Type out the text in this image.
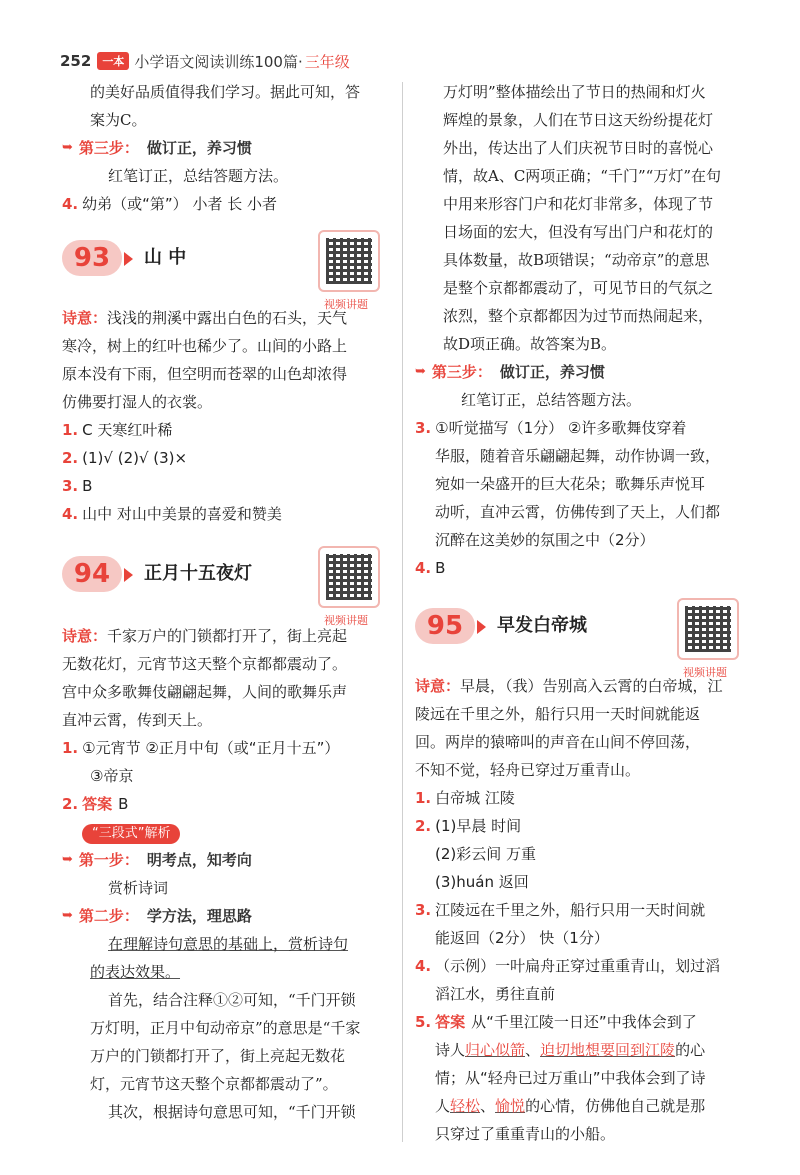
252	一本 小学语文阅读训练100篇· 三年级
的美好品质值得我们学习。据此可知，答
案为C。
➥ 第三步： 做订正，养习惯
红笔订正，总结答题方法。
4. 幼弟（或“第”） 小者 长 小者
93	山 中
视频讲题
诗意：浅浅的荆溪中露出白色的石头，天气
寒冷，树上的红叶也稀少了。山间的小路上
原本没有下雨，但空明而苍翠的山色却浓得
仿佛要打湿人的衣裳。
1. C 天寒红叶稀
2. (1)√ (2)√ (3)×
3. B
4. 山中 对山中美景的喜爱和赞美
94	正月十五夜灯
视频讲题
诗意：千家万户的门锁都打开了，街上亮起
无数花灯，元宵节这天整个京都都震动了。
宫中众多歌舞伎翩翩起舞，人间的歌舞乐声
直冲云霄，传到天上。
1. ①元宵节 ②正月中旬（或“正月十五”）
③帝京
2. 答案 B
“三段式”解析
➥ 第一步： 明考点，知考向
赏析诗词
➥ 第二步： 学方法，理思路
在理解诗句意思的基础上，赏析诗句
的表达效果。
首先，结合注释①②可知，“千门开锁
万灯明，正月中旬动帝京”的意思是“千家
万户的门锁都打开了，街上亮起无数花
灯，元宵节这天整个京都都震动了”。
其次，根据诗句意思可知，“千门开锁
万灯明”整体描绘出了节日的热闹和灯火
辉煌的景象，人们在节日这天纷纷提花灯
外出，传达出了人们庆祝节日时的喜悦心
情，故A、C两项正确；“千门”“万灯”在句
中用来形容门户和花灯非常多，体现了节
日场面的宏大，但没有写出门户和花灯的
具体数量，故B项错误；“动帝京”的意思
是整个京都都震动了，可见节日的气氛之
浓烈，整个京都都因为过节而热闹起来，
故D项正确。故答案为B。
➥ 第三步： 做订正，养习惯
红笔订正，总结答题方法。
3. ①听觉描写（1分） ②许多歌舞伎穿着
华服，随着音乐翩翩起舞，动作协调一致，
宛如一朵盛开的巨大花朵；歌舞乐声悦耳
动听，直冲云霄，仿佛传到了天上，人们都
沉醉在这美妙的氛围之中（2分）
4. B
95	早发白帝城
视频讲题
诗意：早晨，（我）告别高入云霄的白帝城，江
陵远在千里之外，船行只用一天时间就能返
回。两岸的猿啼叫的声音在山间不停回荡，
不知不觉，轻舟已穿过万重青山。
1. 白帝城 江陵
2. (1)早晨 时间
(2)彩云间 万重
(3)huán 返回
3. 江陵远在千里之外，船行只用一天时间就
能返回（2分） 快（1分）
4. （示例）一叶扁舟正穿过重重青山，划过滔
滔江水，勇往直前
5. 答案 从“千里江陵一日还”中我体会到了
诗人归心似箭、迫切地想要回到江陵的心
情；从“轻舟已过万重山”中我体会到了诗
人轻松、愉悦的心情，仿佛他自己就是那
只穿过了重重青山的小船。
